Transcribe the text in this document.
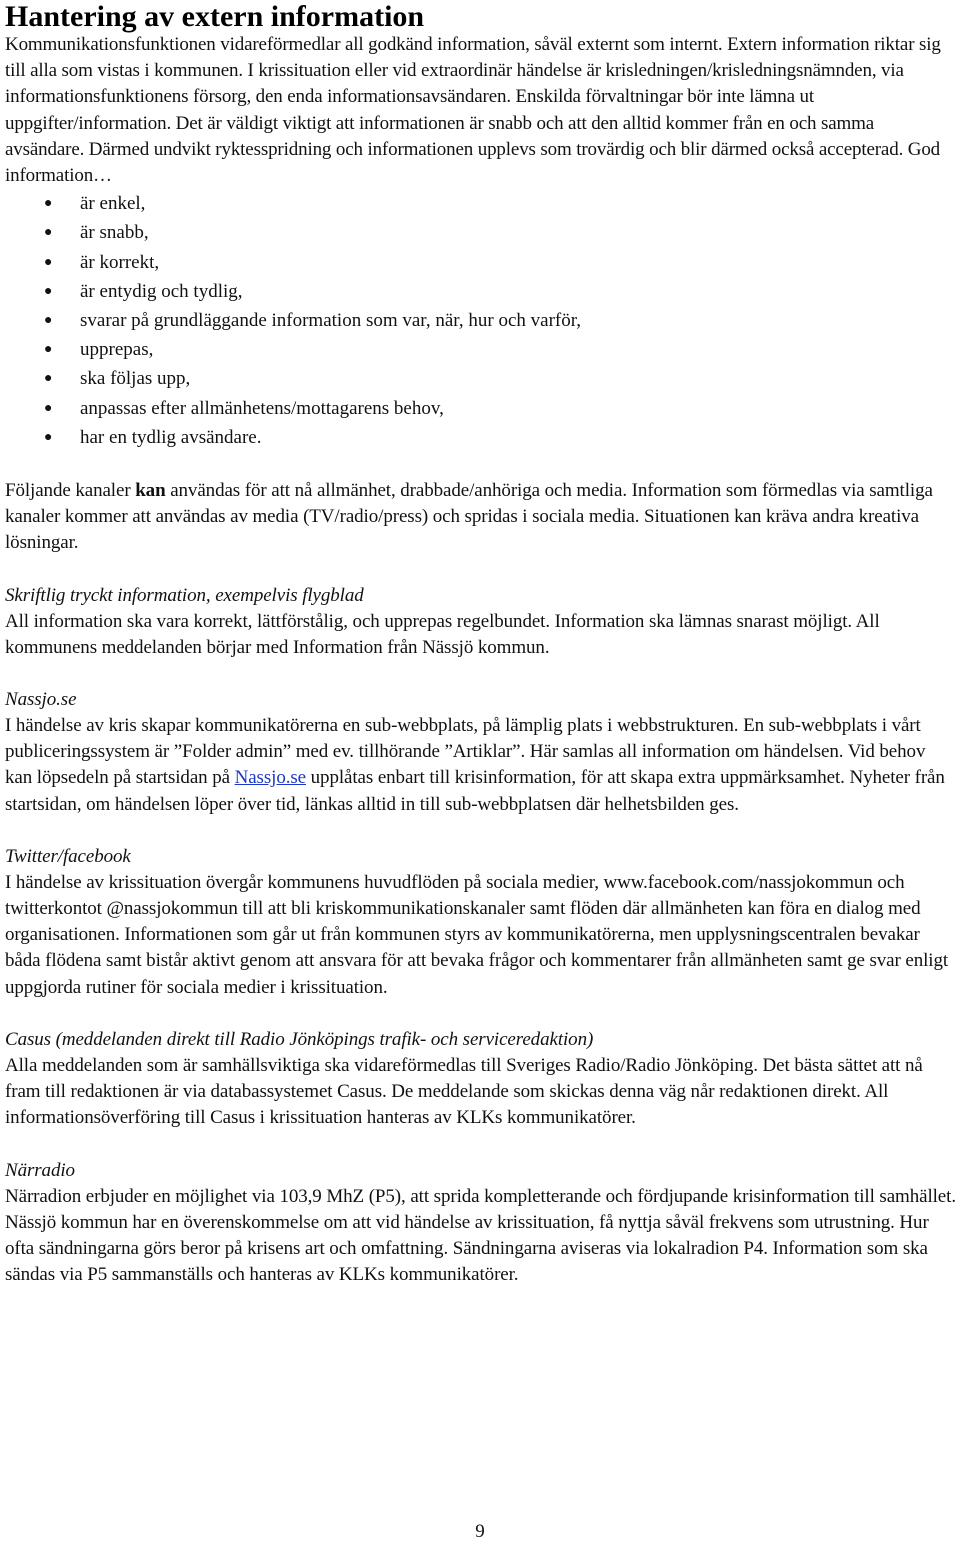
Hantering av extern information

Kommunikationsfunktionen vidareförmedlar all godkänd information, såväl externt som internt. Extern information riktar sig till alla som vistas i kommunen. I krissituation eller vid extraordinär händelse är krisledningen/krisledningsnämnden, via informationsfunktionens försorg, den enda informationsavsändaren. Enskilda förvaltningar bör inte lämna ut uppgifter/information. Det är väldigt viktigt att informationen är snabb och att den alltid kommer från en och samma avsändare. Därmed undvikt ryktesspridning och informationen upplevs som trovärdig och blir därmed också accepterad. God information…

● är enkel,
● är snabb,
● är korrekt,
● är entydig och tydlig,
● svarar på grundläggande information som var, när, hur och varför,
● upprepas,
● ska följas upp,
● anpassas efter allmänhetens/mottagarens behov,
● har en tydlig avsändare.

Följande kanaler kan användas för att nå allmänhet, drabbade/anhöriga och media. Information som förmedlas via samtliga kanaler kommer att användas av media (TV/radio/press) och spridas i sociala media. Situationen kan kräva andra kreativa lösningar.

Skriftlig tryckt information, exempelvis flygblad

All information ska vara korrekt, lättförstålig, och upprepas regelbundet. Information ska lämnas snarast möjligt. All kommunens meddelanden börjar med Information från Nässjö kommun.

Nassjo.se

I händelse av kris skapar kommunikatörerna en sub-webbplats, på lämplig plats i webbstrukturen. En sub-webbplats i vårt publiceringssystem är ”Folder admin” med ev. tillhörande ”Artiklar”. Här samlas all information om händelsen. Vid behov kan löpsedeln på startsidan på Nassjo.se upplåtas enbart till krisinformation, för att skapa extra uppmärksamhet. Nyheter från startsidan, om händelsen löper över tid, länkas alltid in till sub-webbplatsen där helhetsbilden ges.

Twitter/facebook

I händelse av krissituation övergår kommunens huvudflöden på sociala medier, www.facebook.com/nassjokommun och twitterkontot @nassjokommun till att bli kriskommunikationskanaler samt flöden där allmänheten kan föra en dialog med organisationen. Informationen som går ut från kommunen styrs av kommunikatörerna, men upplysningscentralen bevakar båda flödena samt bistår aktivt genom att ansvara för att bevaka frågor och kommentarer från allmänheten samt ge svar enligt uppgjorda rutiner för sociala medier i krissituation.

Casus (meddelanden direkt till Radio Jönköpings trafik- och serviceredaktion)

Alla meddelanden som är samhällsviktiga ska vidareförmedlas till Sveriges Radio/Radio Jönköping. Det bästa sättet att nå fram till redaktionen är via databassystemet Casus. De meddelande som skickas denna väg når redaktionen direkt. All informationsöverföring till Casus i krissituation hanteras av KLKs kommunikatörer.

Närradio

Närradion erbjuder en möjlighet via 103,9 MhZ (P5), att sprida kompletterande och fördjupande krisinformation till samhället. Nässjö kommun har en överenskommelse om att vid händelse av krissituation, få nyttja såväl frekvens som utrustning. Hur ofta sändningarna görs beror på krisens art och omfattning. Sändningarna aviseras via lokalradion P4. Information som ska sändas via P5 sammanställs och hanteras av KLKs kommunikatörer.

9
